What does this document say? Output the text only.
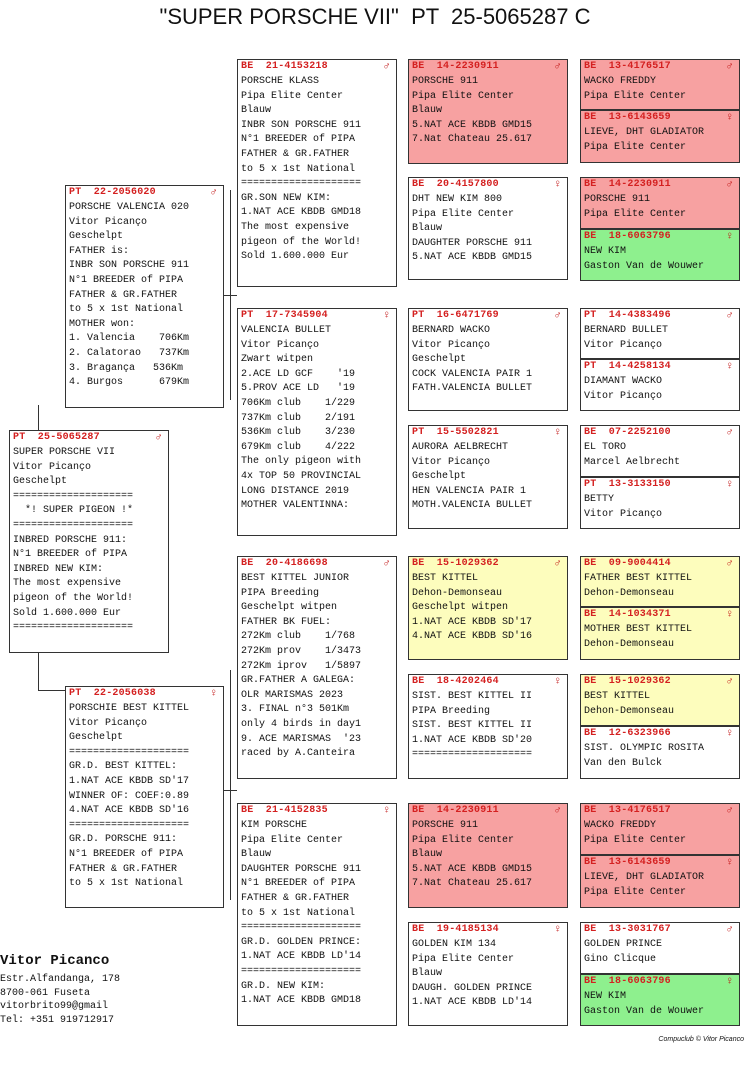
"SUPER PORSCHE VII"  PT  25-5065287 C
PT  25-5065287	♂
SUPER PORSCHE VII
Vitor Picanço
Geschelpt
====================
*! SUPER PIGEON !*
====================
INBRED PORSCHE 911:
N°1 BREEDER of PIPA
INBRED NEW KIM:
The most expensive
pigeon of the World!
Sold 1.600.000 Eur
====================
PT  22-2056020	♂
PORSCHE VALENCIA 020
Vitor Picanço
Geschelpt
FATHER is:
INBR SON PORSCHE 911
N°1 BREEDER of PIPA
FATHER & GR.FATHER
to 5 x 1st National
MOTHER won:
1. Valencia    706Km
2. Calatorao   737Km
3. Bragança   536Km
4. Burgos      679Km
PT  22-2056038	♀
PORSCHIE BEST KITTEL
Vitor Picanço
Geschelpt
====================
GR.D. BEST KITTEL:
1.NAT ACE KBDB SD'17
WINNER OF: COEF:0.89
4.NAT ACE KBDB SD'16
====================
GR.D. PORSCHE 911:
N°1 BREEDER of PIPA
FATHER & GR.FATHER
to 5 x 1st National
BE  21-4153218	♂
PORSCHE KLASS
Pipa Elite Center
Blauw
INBR SON PORSCHE 911
N°1 BREEDER of PIPA
FATHER & GR.FATHER
to 5 x 1st National
====================
GR.SON NEW KIM:
1.NAT ACE KBDB GMD18
The most expensive
pigeon of the World!
Sold 1.600.000 Eur
PT  17-7345904	♀
VALENCIA BULLET
Vitor Picanço
Zwart witpen
2.ACE LD GCF    '19
5.PROV ACE LD   '19
706Km club    1/229
737Km club    2/191
536Km club    3/230
679Km club    4/222
The only pigeon with
4x TOP 50 PROVINCIAL
LONG DISTANCE 2019
MOTHER VALENTINNA:
BE  20-4186698	♂
BEST KITTEL JUNIOR
PIPA Breeding
Geschelpt witpen
FATHER BK FUEL:
272Km club    1/768
272Km prov    1/3473
272Km iprov   1/5897
GR.FATHER A GALEGA:
OLR MARISMAS 2023
3. FINAL n°3 501Km
only 4 birds in day1
9. ACE MARISMAS  '23
raced by A.Canteira
BE  21-4152835	♀
KIM PORSCHE
Pipa Elite Center
Blauw
DAUGHTER PORSCHE 911
N°1 BREEDER of PIPA
FATHER & GR.FATHER
to 5 x 1st National
====================
GR.D. GOLDEN PRINCE:
1.NAT ACE KBDB LD'14
====================
GR.D. NEW KIM:
1.NAT ACE KBDB GMD18
BE  14-2230911	♂
PORSCHE 911
Pipa Elite Center
Blauw
5.NAT ACE KBDB GMD15
7.Nat Chateau 25.617
BE  20-4157800	♀
DHT NEW KIM 800
Pipa Elite Center
Blauw
DAUGHTER PORSCHE 911
5.NAT ACE KBDB GMD15
PT  16-6471769	♂
BERNARD WACKO
Vitor Picanço
Geschelpt
COCK VALENCIA PAIR 1
FATH.VALENCIA BULLET
PT  15-5502821	♀
AURORA AELBRECHT
Vitor Picanço
Geschelpt
HEN VALENCIA PAIR 1
MOTH.VALENCIA BULLET
BE  15-1029362	♂
BEST KITTEL
Dehon-Demonseau
Geschelpt witpen
1.NAT ACE KBDB SD'17
4.NAT ACE KBDB SD'16
BE  18-4202464	♀
SIST. BEST KITTEL II
PIPA Breeding
SIST. BEST KITTEL II
1.NAT ACE KBDB SD'20
====================
BE  14-2230911	♂
PORSCHE 911
Pipa Elite Center
Blauw
5.NAT ACE KBDB GMD15
7.Nat Chateau 25.617
BE  19-4185134	♀
GOLDEN KIM 134
Pipa Elite Center
Blauw
DAUGH. GOLDEN PRINCE
1.NAT ACE KBDB LD'14
BE  13-4176517	♂
WACKO FREDDY
Pipa Elite Center
BE  13-6143659	♀
LIEVE, DHT GLADIATOR
Pipa Elite Center
BE  14-2230911	♂
PORSCHE 911
Pipa Elite Center
BE  18-6063796	♀
NEW KIM
Gaston Van de Wouwer
PT  14-4383496	♂
BERNARD BULLET
Vitor Picanço
PT  14-4258134	♀
DIAMANT WACKO
Vitor Picanço
BE  07-2252100	♂
EL TORO
Marcel Aelbrecht
PT  13-3133150	♀
BETTY
Vitor Picanço
BE  09-9004414	♂
FATHER BEST KITTEL
Dehon-Demonseau
BE  14-1034371	♀
MOTHER BEST KITTEL
Dehon-Demonseau
BE  15-1029362	♂
BEST KITTEL
Dehon-Demonseau
BE  12-6323966	♀
SIST. OLYMPIC ROSITA
Van den Bulck
BE  13-4176517	♂
WACKO FREDDY
Pipa Elite Center
BE  13-6143659	♀
LIEVE, DHT GLADIATOR
Pipa Elite Center
BE  13-3031767	♂
GOLDEN PRINCE
Gino Clicque
BE  18-6063796	♀
NEW KIM
Gaston Van de Wouwer
Vitor Picanco
Estr.Alfandanga, 178
8700-061 Fuseta
vitorbrito99@gmail
Tel: +351 919712917
Compuclub © Vitor Picanco
